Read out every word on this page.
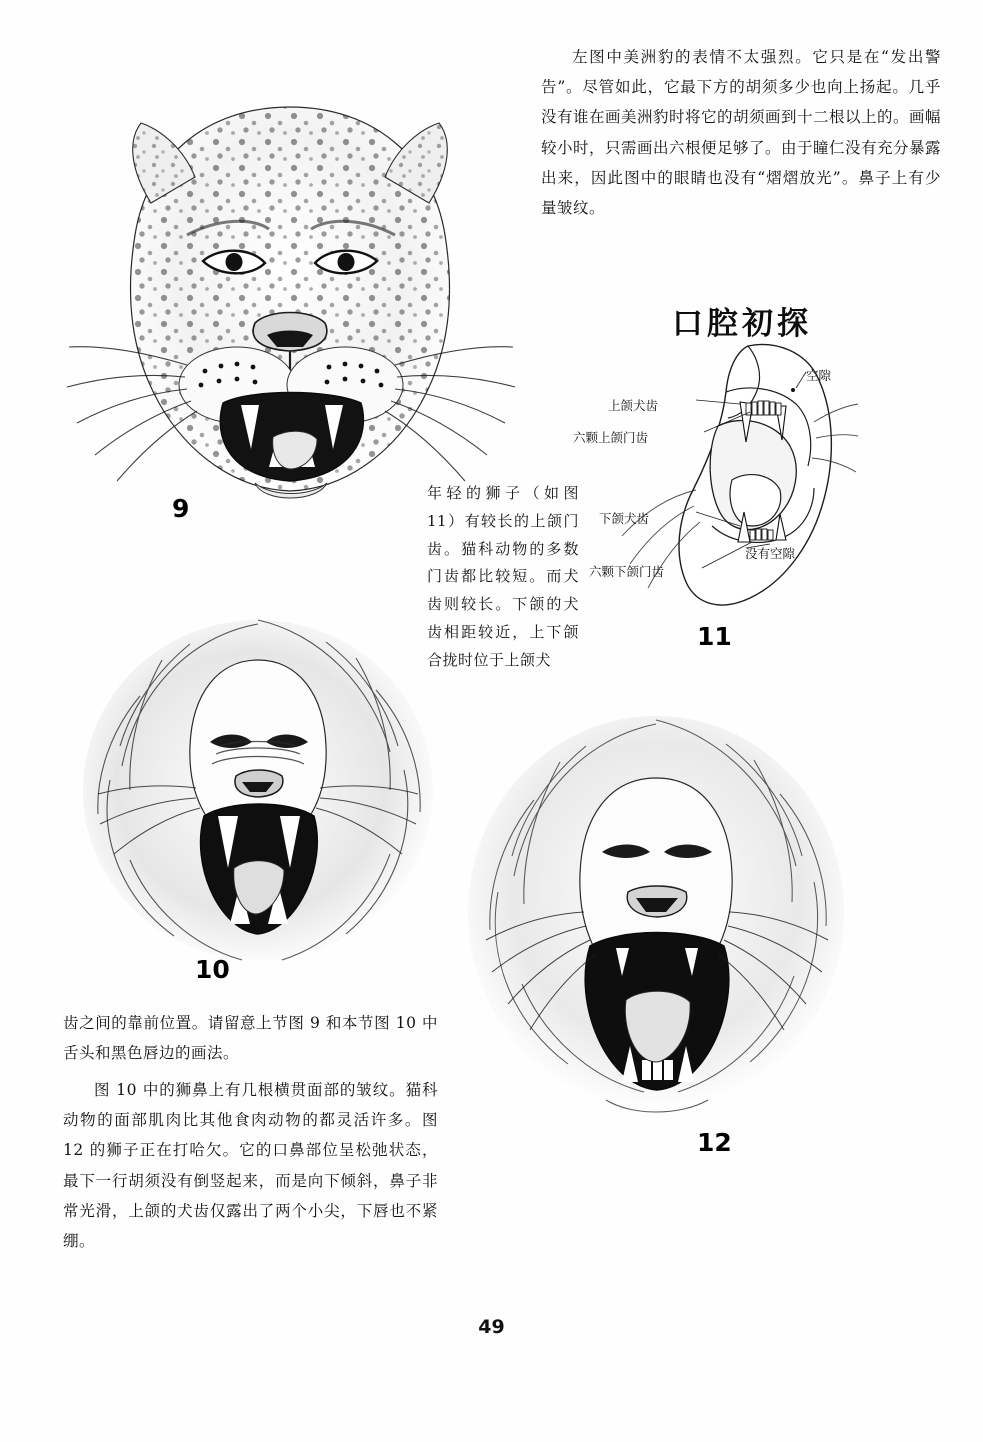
左图中美洲豹的表情不太强烈。它只是在“发出警告”。尽管如此，它最下方的胡须多少也向上扬起。几乎没有谁在画美洲豹时将它的胡须画到十二根以上的。画幅较小时，只需画出六根便足够了。由于瞳仁没有充分暴露出来，因此图中的眼睛也没有“熠熠放光”。鼻子上有少量皱纹。

口腔初探

年轻的狮子（如图 11）有较长的上颌门齿。猫科动物的多数门齿都比较短。而犬齿则较长。下颌的犬齿相距较近，上下颌合拢时位于上颌犬

齿之间的靠前位置。请留意上节图 9 和本节图 10 中舌头和黑色唇边的画法。

图 10 中的狮鼻上有几根横贯面部的皱纹。猫科动物的面部肌肉比其他食肉动物的都灵活许多。图 12 的狮子正在打哈欠。它的口鼻部位呈松弛状态，最下一行胡须没有倒竖起来，而是向下倾斜，鼻子非常光滑，上颌的犬齿仅露出了两个小尖，下唇也不紧绷。

9
10
11
12
空隙
上颌犬齿
六颗上颌门齿
下颌犬齿
没有空隙
六颗下颌门齿
49
